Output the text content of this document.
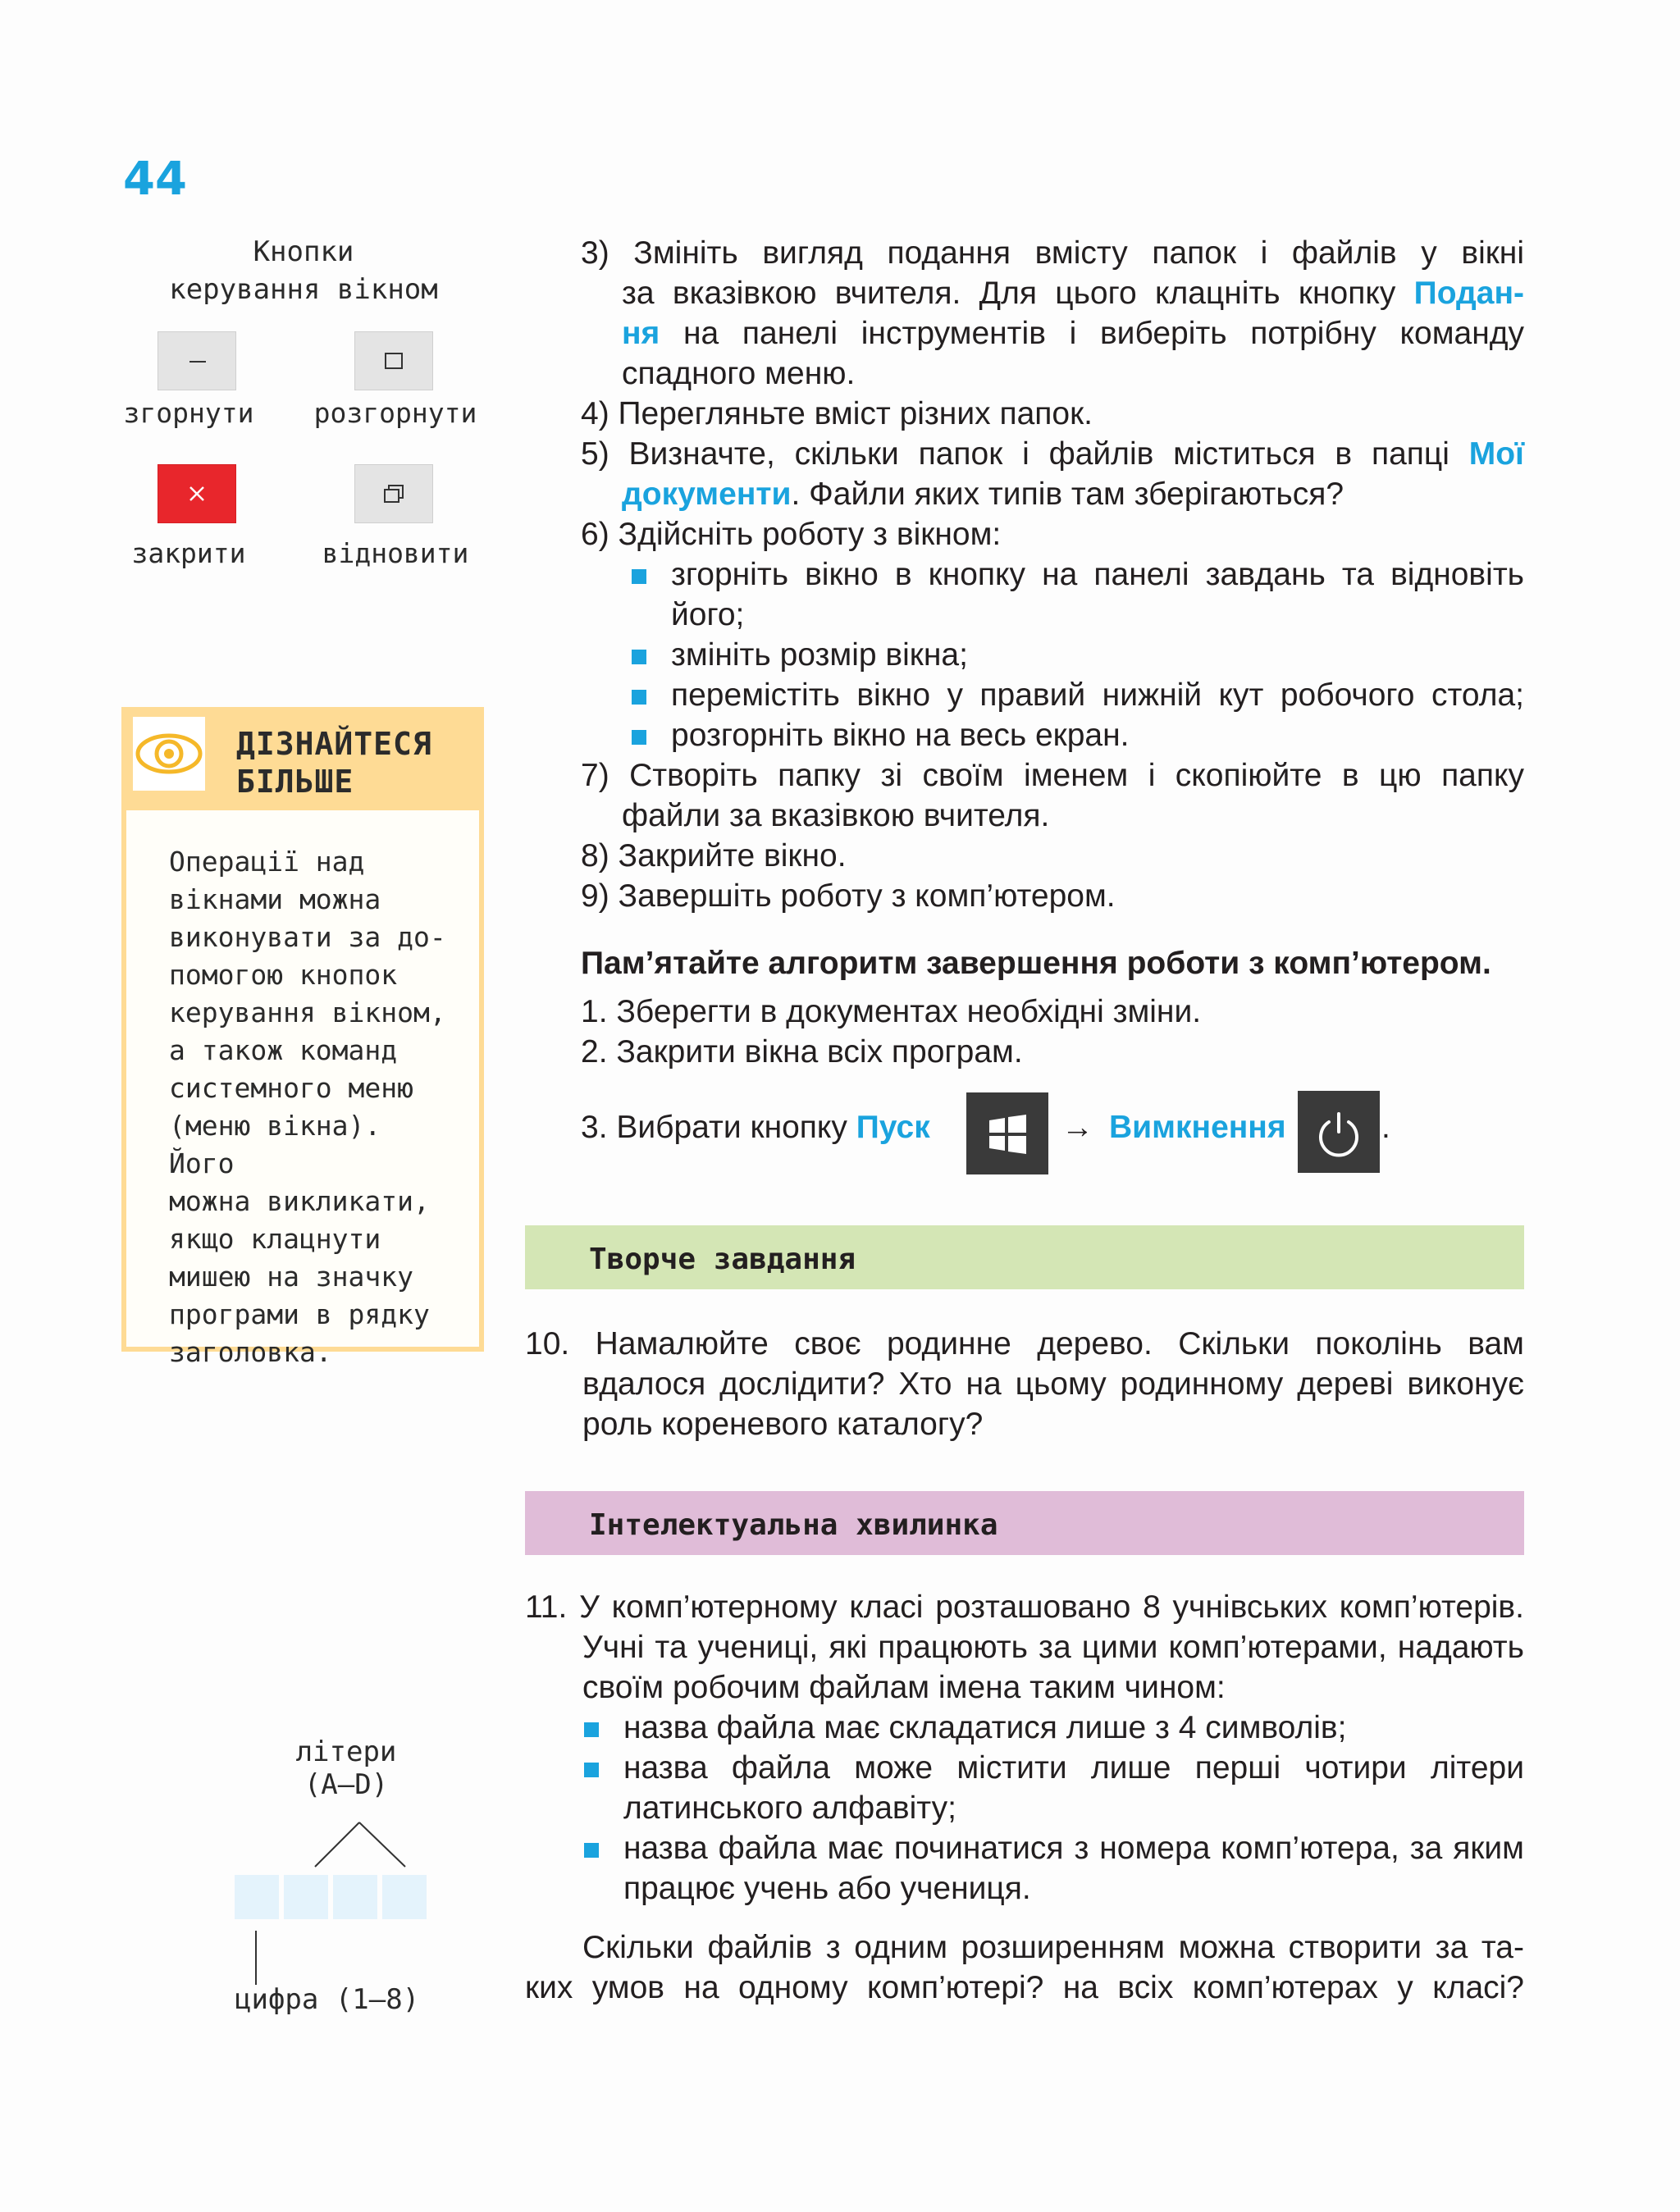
44
Кнопки
керування вікном
згорнути	розгорнути
закрити	відновити
ДІЗНАЙТЕСЯ
БІЛЬШЕ
Операції над
вікнами можна
виконувати за до-
помогою кнопок
керування вікном,
а також команд
системного меню
(меню вікна). Його
можна викликати,
якщо клацнути
мишею на значку
програми в рядку
заголовка.

3) Змініть вигляд подання вмісту папок і файлів у вікні

за вказівкою вчителя. Для цього клацніть кнопку Подан-

ня на панелі інструментів і виберіть потрібну команду

спадного меню.

4) Перегляньте вміст різних папок.

5) Визначте, скільки папок і файлів міститься в папці Мої

документи. Файли яких типів там зберігаються?

6) Здійсніть роботу з вікном:

згорніть вікно в кнопку на панелі завдань та відновіть

його;

змініть розмір вікна;

перемістіть вікно у правий нижній кут робочого стола;

розгорніть вікно на весь екран.

7) Створіть папку зі своїм іменем і скопіюйте в цю папку

файли за вказівкою вчителя.

8) Закрийте вікно.

9) Завершіть роботу з комп’ютером.

Пам’ятайте алгоритм завершення роботи з комп’ютером.
1. Зберегти в документах необхідні зміни.
2. Закрити вікна всіх програм.
3. Вибрати кнопку Пуск	→ Вимкнення	.
Творче завдання

10. Намалюйте своє родинне дерево. Скільки поколінь вам

вдалося дослідити? Хто на цьому родинному дереві виконує

роль кореневого каталогу?

Інтелектуальна хвилинка

11. У комп’ютерному класі розташовано 8 учнівських комп’ютерів.

Учні та учениці, які працюють за цими комп’ютерами, надають

своїм робочим файлам імена таким чином:

назва файла має складатися лише з 4 символів;

назва файла може містити лише перші чотири літери

латинського алфавіту;

назва файла має починатися з номера комп’ютера, за яким

працює учень або учениця.

Скільки файлів з одним розширенням можна створити за та-

ких умов на одному комп’ютері? на всіх комп’ютерах у класі?

літери
(A–D)
цифра (1–8)
